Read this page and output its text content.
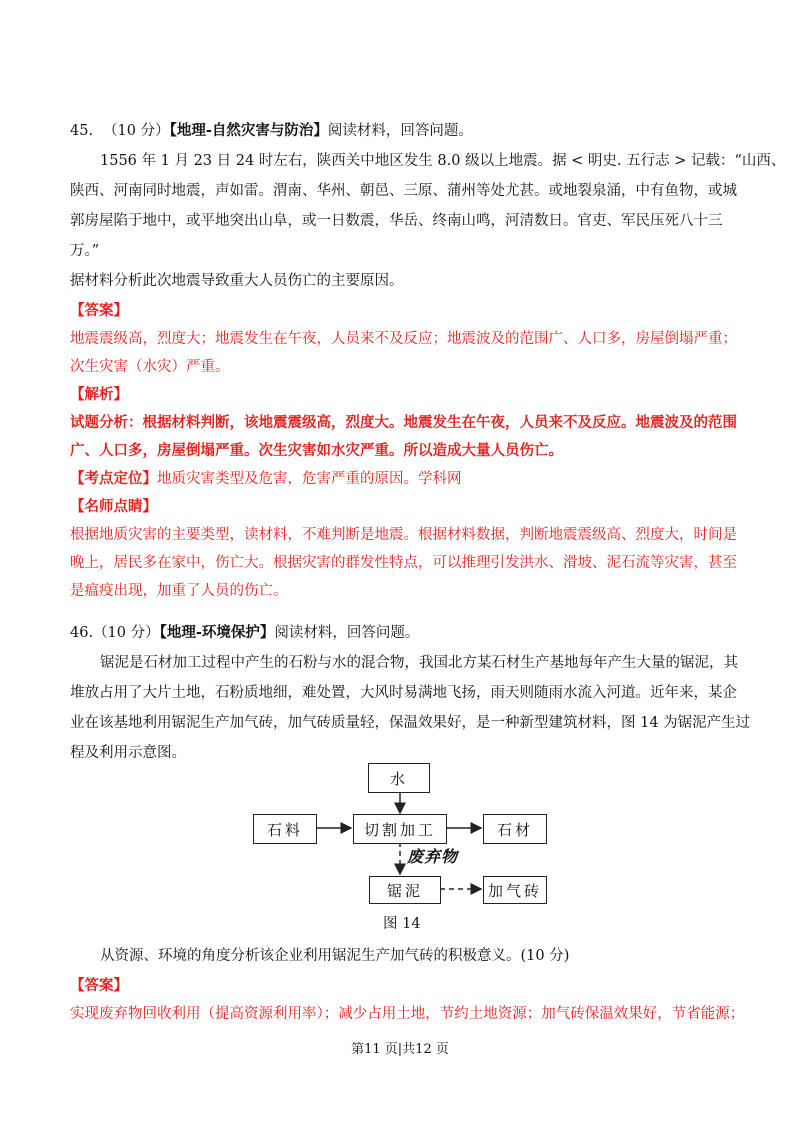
45. （10 分）【地理-自然灾害与防治】阅读材料，回答问题。
1556 年 1 月 23 日 24 时左右，陕西关中地区发生 8.0 级以上地震。据 < 明史. 五行志 > 记载：“山西、
陕西、河南同时地震，声如雷。渭南、华州、朝邑、三原、蒲州等处尤甚。或地裂泉涌，中有鱼物，或城
郭房屋陷于地中，或平地突出山阜，或一日数震，华岳、终南山鸣，河清数日。官吏、军民压死八十三
万。”
据材料分析此次地震导致重大人员伤亡的主要原因。
【答案】
地震震级高，烈度大；地震发生在午夜，人员来不及反应；地震波及的范围广、人口多，房屋倒塌严重；
次生灾害（水灾）严重。
【解析】
试题分析：根据材料判断，该地震震级高，烈度大。地震发生在午夜，人员来不及反应。地震波及的范围
广、人口多，房屋倒塌严重。次生灾害如水灾严重。所以造成大量人员伤亡。
【考点定位】地质灾害类型及危害，危害严重的原因。学科网
【名师点睛】
根据地质灾害的主要类型，读材料，不难判断是地震。根据材料数据，判断地震震级高、烈度大，时间是
晚上，居民多在家中，伤亡大。根据灾害的群发性特点，可以推理引发洪水、滑坡、泥石流等灾害，甚至
是瘟疫出现，加重了人员的伤亡。
46.（10 分）【地理-环境保护】阅读材料，回答问题。
锯泥是石材加工过程中产生的石粉与水的混合物，我国北方某石材生产基地每年产生大量的锯泥，其
堆放占用了大片土地，石粉质地细，难处置，大风时易满地飞扬，雨天则随雨水流入河道。近年来，某企
业在该基地利用锯泥生产加气砖，加气砖质量轻，保温效果好，是一种新型建筑材料，图 14 为锯泥产生过
程及利用示意图。
水
石料	切割加工	石材
废弃物
锯泥	加气砖
图 14
从资源、环境的角度分析该企业利用锯泥生产加气砖的积极意义。(10 分)
【答案】
实现废弃物回收利用（提高资源利用率）；减少占用土地，节约土地资源；加气砖保温效果好，节省能源；
第11 页|共12 页
